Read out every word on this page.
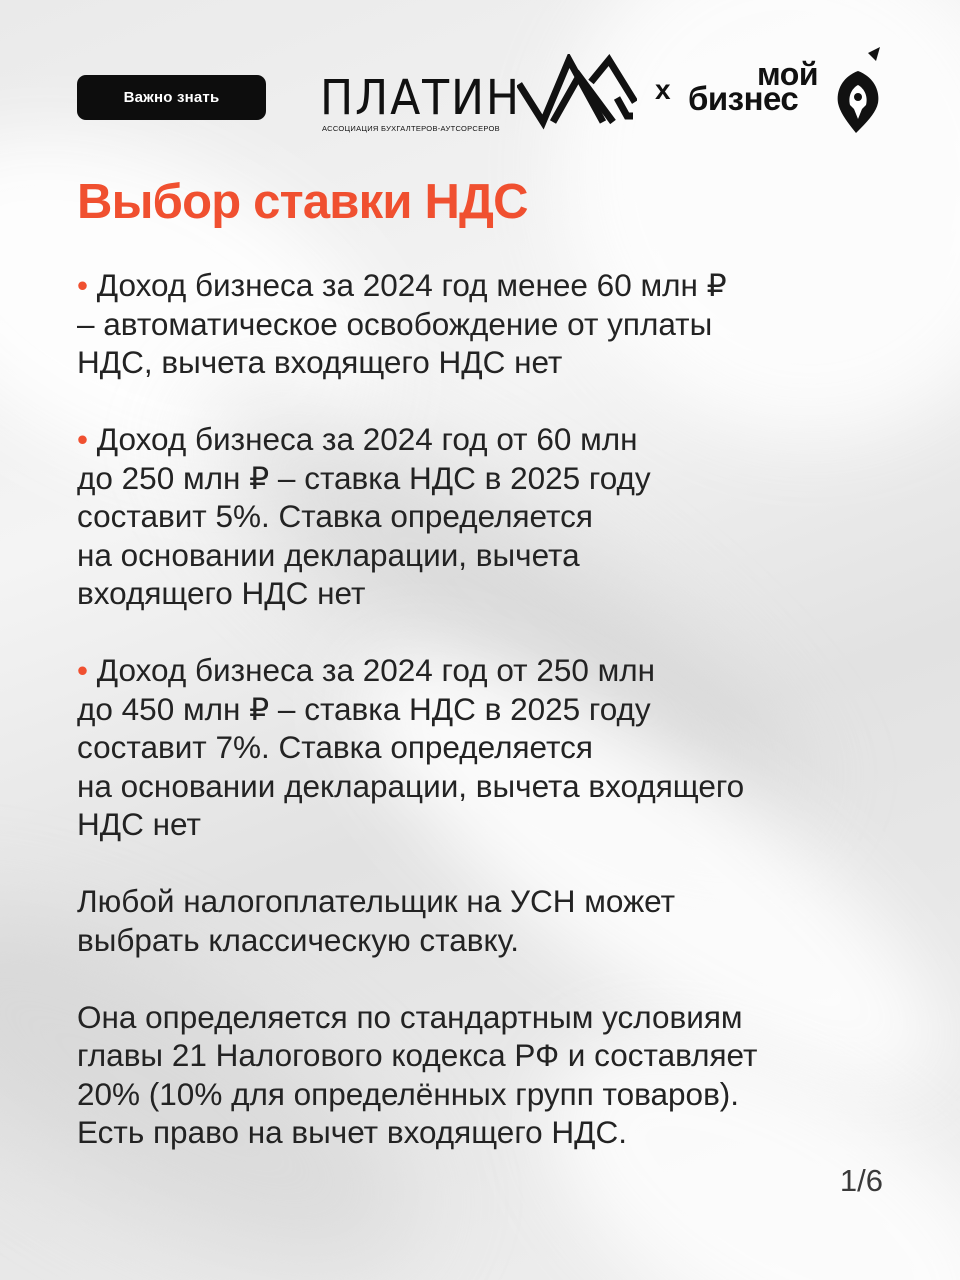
Важно знать	ПЛАТИН
АССОЦИАЦИЯ БУХГАЛТЕРОВ-АУТСОРСЕРОВ
x	мой
бизнес
Выбор ставки НДС

• Доход бизнеса за 2024 год менее 60 млн ₽
– автоматическое освобождение от уплаты
НДС, вычета входящего НДС нет

• Доход бизнеса за 2024 год от 60 млн
до 250 млн ₽ – ставка НДС в 2025 году
составит 5%. Ставка определяется
на основании декларации, вычета
входящего НДС нет

• Доход бизнеса за 2024 год от 250 млн
до 450 млн ₽ – ставка НДС в 2025 году
составит 7%. Ставка определяется
на основании декларации, вычета входящего
НДС нет

Любой налогоплательщик на УСН может
выбрать классическую ставку.

Она определяется по стандартным условиям
главы 21 Налогового кодекса РФ и составляет
20% (10% для определённых групп товаров).
Есть право на вычет входящего НДС.

1/6
